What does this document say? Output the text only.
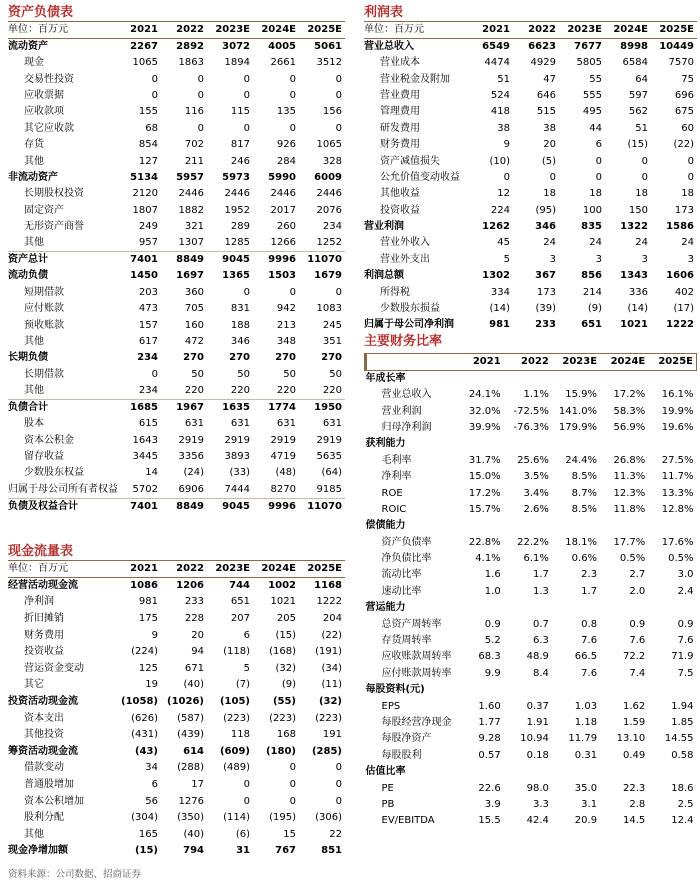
资产负债表
单位：百万元	2021	2022	2023E	2024E	2025E
流动资产	2267	2892	3072	4005	5061
现金	1065	1863	1894	2661	3512
交易性投资	0	0	0	0	0
应收票据	0	0	0	0	0
应收款项	155	116	115	135	156
其它应收款	68	0	0	0	0
存货	854	702	817	926	1065
其他	127	211	246	284	328
非流动资产	5134	5957	5973	5990	6009
长期股权投资	2120	2446	2446	2446	2446
固定资产	1807	1882	1952	2017	2076
无形资产商誉	249	321	289	260	234
其他	957	1307	1285	1266	1252
资产总计	7401	8849	9045	9996	11070
流动负债	1450	1697	1365	1503	1679
短期借款	203	360	0	0	0
应付账款	473	705	831	942	1083
预收账款	157	160	188	213	245
其他	617	472	346	348	351
长期负债	234	270	270	270	270
长期借款	0	50	50	50	50
其他	234	220	220	220	220
负债合计	1685	1967	1635	1774	1950
股本	615	631	631	631	631
资本公积金	1643	2919	2919	2919	2919
留存收益	3445	3356	3893	4719	5635
少数股东权益	14	(24)	(33)	(48)	(64)
归属于母公司所有者权益	5702	6906	7444	8270	9185
负债及权益合计	7401	8849	9045	9996	11070
现金流量表
单位：百万元	2021	2022	2023E	2024E	2025E
经营活动现金流	1086	1206	744	1002	1168
净利润	981	233	651	1021	1222
折旧摊销	175	228	207	205	204
财务费用	9	20	6	(15)	(22)
投资收益	(224)	94	(118)	(168)	(191)
营运资金变动	125	671	5	(32)	(34)
其它	19	(40)	(7)	(9)	(11)
投资活动现金流	(1058)	(1026)	(105)	(55)	(32)
资本支出	(626)	(587)	(223)	(223)	(223)
其他投资	(431)	(439)	118	168	191
筹资活动现金流	(43)	614	(609)	(180)	(285)
借款变动	34	(288)	(489)	0	0
普通股增加	6	17	0	0	0
资本公积增加	56	1276	0	0	0
股利分配	(304)	(350)	(114)	(195)	(306)
其他	165	(40)	(6)	15	22
现金净增加额	(15)	794	31	767	851
利润表
单位：百万元	2021	2022	2023E	2024E	2025E
营业总收入	6549	6623	7677	8998	10449
营业成本	4474	4929	5805	6584	7570
营业税金及附加	51	47	55	64	75
营业费用	524	646	555	597	696
管理费用	418	515	495	562	675
研发费用	38	38	44	51	60
财务费用	9	20	6	(15)	(22)
资产减值损失	(10)	(5)	0	0	0
公允价值变动收益	0	0	0	0	0
其他收益	12	18	18	18	18
投资收益	224	(95)	100	150	173
营业利润	1262	346	835	1322	1586
营业外收入	45	24	24	24	24
营业外支出	5	3	3	3	3
利润总额	1302	367	856	1343	1606
所得税	334	173	214	336	402
少数股东损益	(14)	(39)	(9)	(14)	(17)
归属于母公司净利润	981	233	651	1021	1222
主要财务比率
	2021	2022	2023E	2024E	2025E
年成长率					
营业总收入	24.1%	1.1%	15.9%	17.2%	16.1%
营业利润	32.0%	-72.5%	141.0%	58.3%	19.9%
归母净利润	39.9%	-76.3%	179.9%	56.9%	19.6%
获利能力					
毛利率	31.7%	25.6%	24.4%	26.8%	27.5%
净利率	15.0%	3.5%	8.5%	11.3%	11.7%
ROE	17.2%	3.4%	8.7%	12.3%	13.3%
ROIC	15.7%	2.6%	8.5%	11.8%	12.8%
偿债能力					
资产负债率	22.8%	22.2%	18.1%	17.7%	17.6%
净负债比率	4.1%	6.1%	0.6%	0.5%	0.5%
流动比率	1.6	1.7	2.3	2.7	3.0
速动比率	1.0	1.3	1.7	2.0	2.4
营运能力					
总资产周转率	0.9	0.7	0.8	0.9	0.9
存货周转率	5.2	6.3	7.6	7.6	7.6
应收账款周转率	68.3	48.9	66.5	72.2	71.9
应付账款周转率	9.9	8.4	7.6	7.4	7.5
每股资料(元)					
EPS	1.60	0.37	1.03	1.62	1.94
每股经营净现金	1.77	1.91	1.18	1.59	1.85
每股净资产	9.28	10.94	11.79	13.10	14.55
每股股利	0.57	0.18	0.31	0.49	0.58
估值比率					
PE	22.6	98.0	35.0	22.3	18.6
PB	3.9	3.3	3.1	2.8	2.5
EV/EBITDA	15.5	42.4	20.9	14.5	12.4
资料来源：公司数据、招商证券
